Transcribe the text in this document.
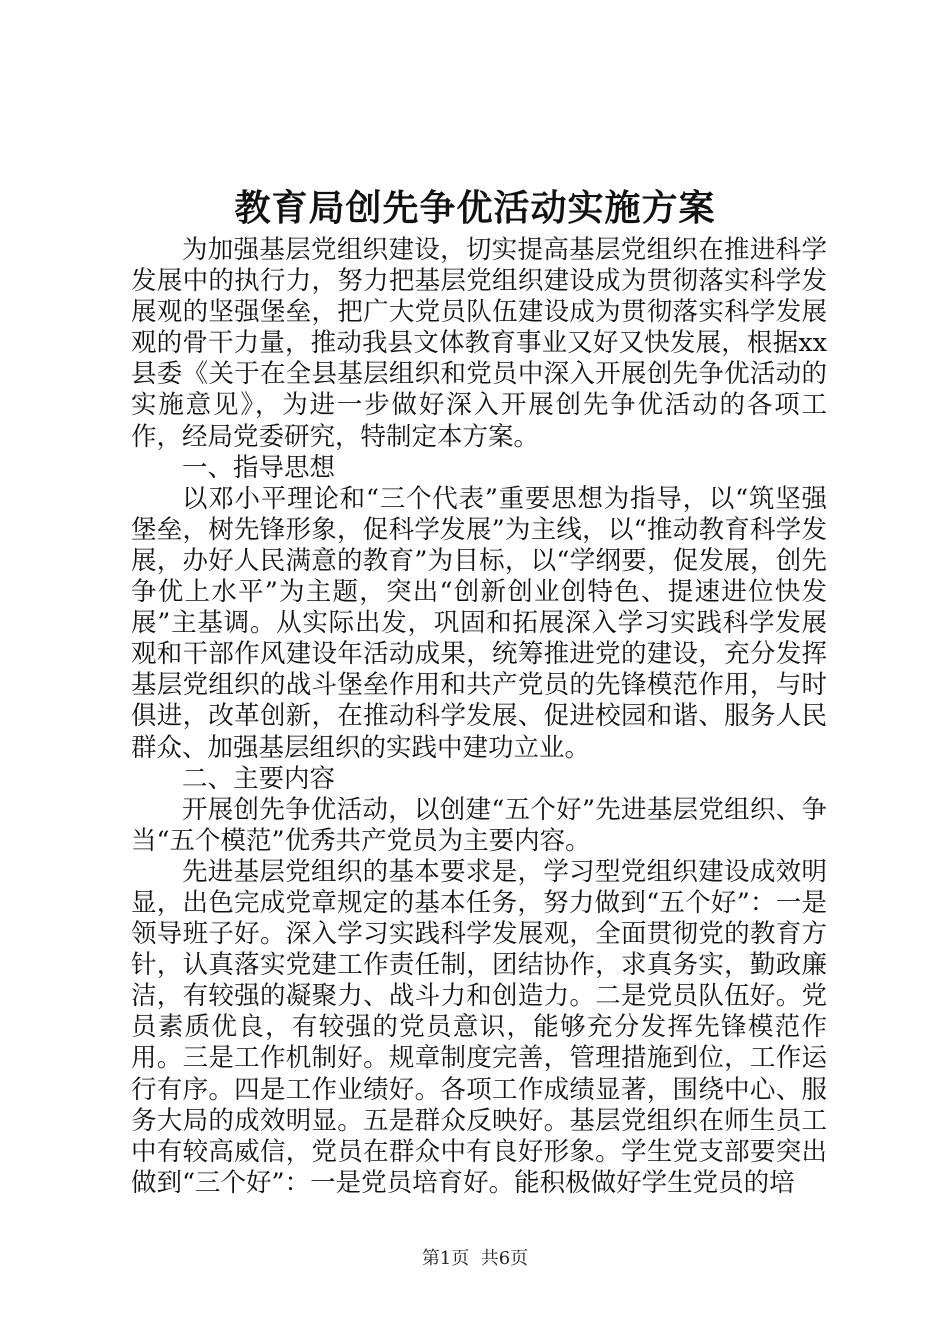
教育局创先争优活动实施方案

为加强基层党组织建设，切实提高基层党组织在推进科学发展中的执行力，努力把基层党组织建设成为贯彻落实科学发展观的坚强堡垒，把广大党员队伍建设成为贯彻落实科学发展观的骨干力量，推动我县文体教育事业又好又快发展，根据xx县委《关于在全县基层组织和党员中深入开展创先争优活动的实施意见》，为进一步做好深入开展创先争优活动的各项工作，经局党委研究，特制定本方案。

一、指导思想

以邓小平理论和“三个代表”重要思想为指导，以“筑坚强堡垒，树先锋形象，促科学发展”为主线，以“推动教育科学发展，办好人民满意的教育”为目标，以“学纲要，促发展，创先争优上水平”为主题，突出“创新创业创特色、提速进位快发展”主基调。从实际出发，巩固和拓展深入学习实践科学发展观和干部作风建设年活动成果，统筹推进党的建设，充分发挥基层党组织的战斗堡垒作用和共产党员的先锋模范作用，与时俱进，改革创新，在推动科学发展、促进校园和谐、服务人民群众、加强基层组织的实践中建功立业。

二、主要内容

开展创先争优活动，以创建“五个好”先进基层党组织、争当“五个模范”优秀共产党员为主要内容。

先进基层党组织的基本要求是，学习型党组织建设成效明显，出色完成党章规定的基本任务，努力做到“五个好”：一是领导班子好。深入学习实践科学发展观，全面贯彻党的教育方针，认真落实党建工作责任制，团结协作，求真务实，勤政廉洁，有较强的凝聚力、战斗力和创造力。二是党员队伍好。党员素质优良，有较强的党员意识，能够充分发挥先锋模范作用。三是工作机制好。规章制度完善，管理措施到位，工作运行有序。四是工作业绩好。各项工作成绩显著，围绕中心、服务大局的成效明显。五是群众反映好。基层党组织在师生员工中有较高威信，党员在群众中有良好形象。学生党支部要突出做到“三个好”：一是党员培育好。能积极做好学生党员的培

第1页  共6页
